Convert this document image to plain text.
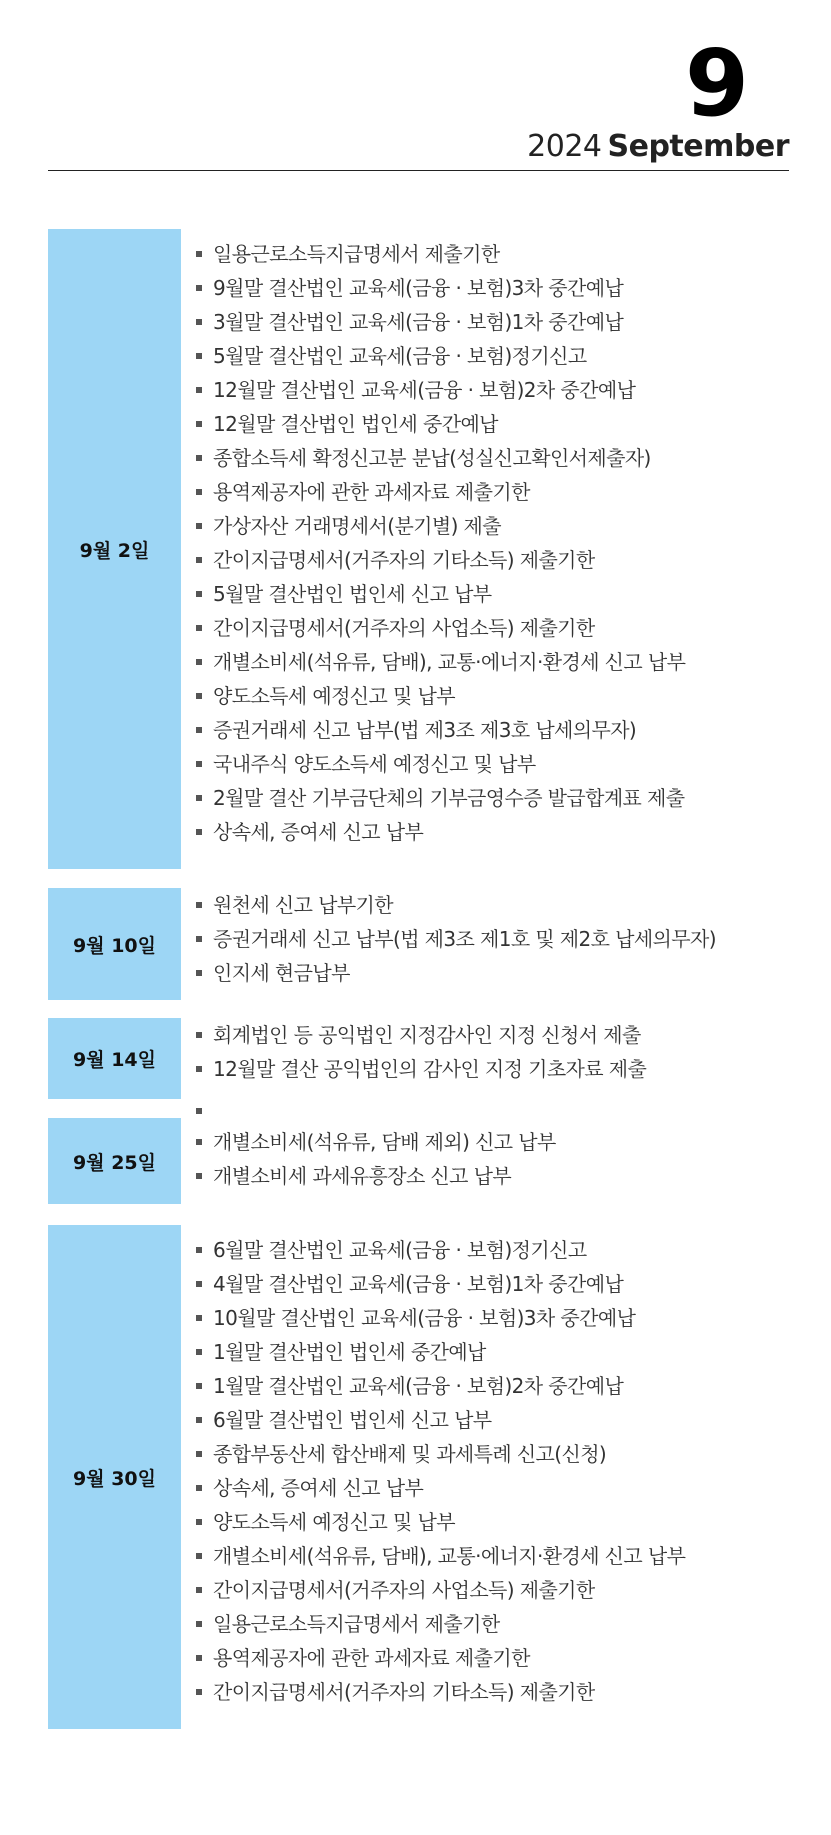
9
2024 September
9월 2일
일용근로소득지급명세서 제출기한
9월말 결산법인 교육세(금융 · 보험)3차 중간예납
3월말 결산법인 교육세(금융 · 보험)1차 중간예납
5월말 결산법인 교육세(금융 · 보험)정기신고
12월말 결산법인 교육세(금융 · 보험)2차 중간예납
12월말 결산법인 법인세 중간예납
종합소득세 확정신고분 분납(성실신고확인서제출자)
용역제공자에 관한 과세자료 제출기한
가상자산 거래명세서(분기별) 제출
간이지급명세서(거주자의 기타소득) 제출기한
5월말 결산법인 법인세 신고 납부
간이지급명세서(거주자의 사업소득) 제출기한
개별소비세(석유류, 담배), 교통·에너지·환경세 신고 납부
양도소득세 예정신고 및 납부
증권거래세 신고 납부(법 제3조 제3호 납세의무자)
국내주식 양도소득세 예정신고 및 납부
2월말 결산 기부금단체의 기부금영수증 발급합계표 제출
상속세, 증여세 신고 납부
9월 10일
원천세 신고 납부기한
증권거래세 신고 납부(법 제3조 제1호 및 제2호 납세의무자)
인지세 현금납부
9월 14일
회계법인 등 공익법인 지정감사인 지정 신청서 제출
12월말 결산 공익법인의 감사인 지정 기초자료 제출
9월 25일
개별소비세(석유류, 담배 제외) 신고 납부
개별소비세 과세유흥장소 신고 납부
9월 30일
6월말 결산법인 교육세(금융 · 보험)정기신고
4월말 결산법인 교육세(금융 · 보험)1차 중간예납
10월말 결산법인 교육세(금융 · 보험)3차 중간예납
1월말 결산법인 법인세 중간예납
1월말 결산법인 교육세(금융 · 보험)2차 중간예납
6월말 결산법인 법인세 신고 납부
종합부동산세 합산배제 및 과세특례 신고(신청)
상속세, 증여세 신고 납부
양도소득세 예정신고 및 납부
개별소비세(석유류, 담배), 교통·에너지·환경세 신고 납부
간이지급명세서(거주자의 사업소득) 제출기한
일용근로소득지급명세서 제출기한
용역제공자에 관한 과세자료 제출기한
간이지급명세서(거주자의 기타소득) 제출기한
